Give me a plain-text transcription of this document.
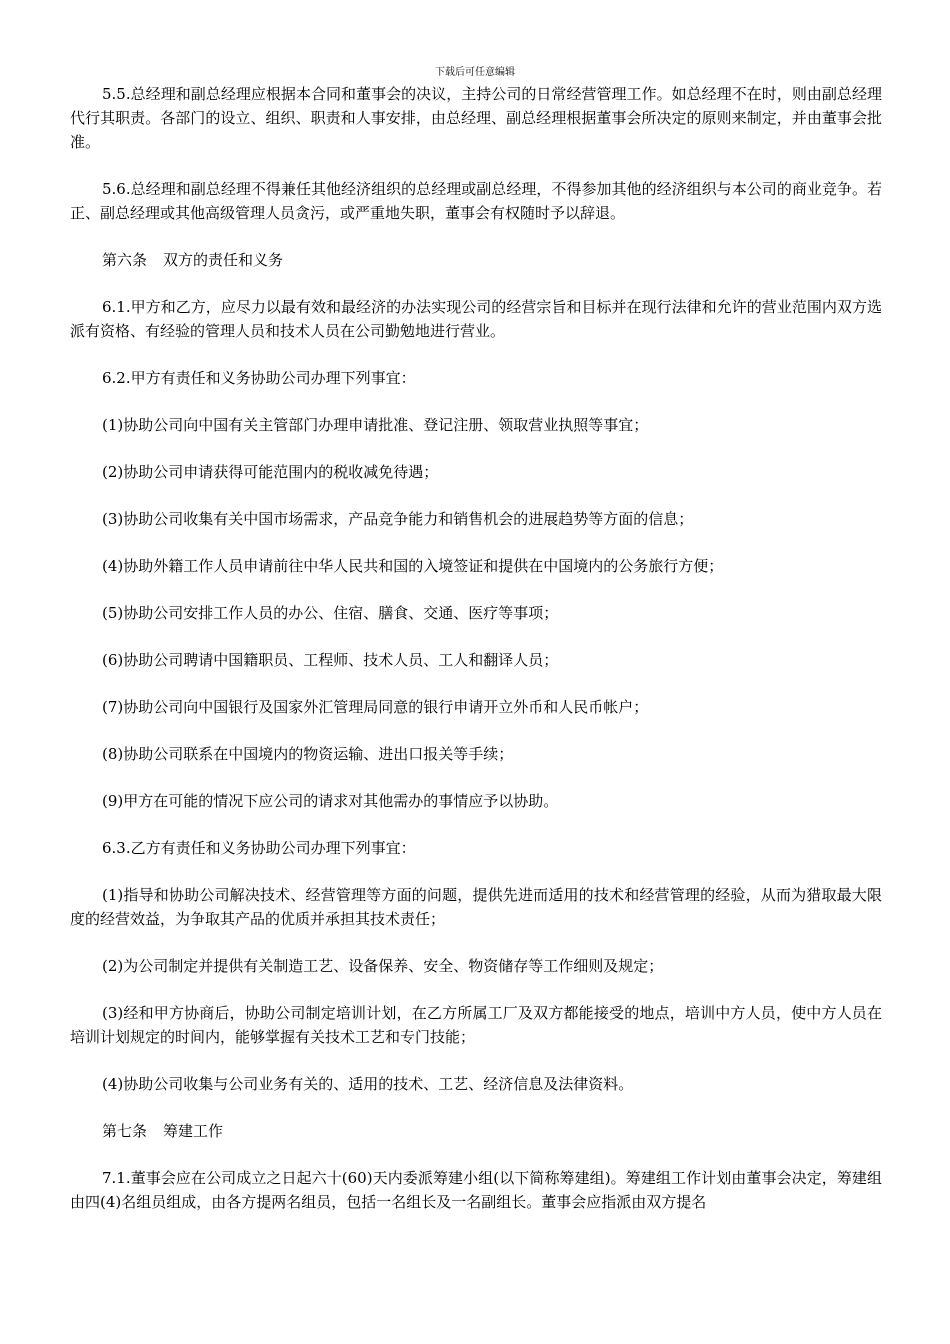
下载后可任意编辑

5.5.总经理和副总经理应根据本合同和董事会的决议，主持公司的日常经营管理工作。如总经理不在时，则由副总经理代行其职责。各部门的设立、组织、职责和人事安排，由总经理、副总经理根据董事会所决定的原则来制定，并由董事会批准。

5.6.总经理和副总经理不得兼任其他经济组织的总经理或副总经理，不得参加其他的经济组织与本公司的商业竞争。若正、副总经理或其他高级管理人员贪污，或严重地失职，董事会有权随时予以辞退。

第六条 双方的责任和义务

6.1.甲方和乙方，应尽力以最有效和最经济的办法实现公司的经营宗旨和目标并在现行法律和允许的营业范围内双方选派有资格、有经验的管理人员和技术人员在公司勤勉地进行营业。

6.2.甲方有责任和义务协助公司办理下列事宜：

(1)协助公司向中国有关主管部门办理申请批准、登记注册、领取营业执照等事宜；

(2)协助公司申请获得可能范围内的税收减免待遇；

(3)协助公司收集有关中国市场需求，产品竞争能力和销售机会的进展趋势等方面的信息；

(4)协助外籍工作人员申请前往中华人民共和国的入境签证和提供在中国境内的公务旅行方便；

(5)协助公司安排工作人员的办公、住宿、膳食、交通、医疗等事项；

(6)协助公司聘请中国籍职员、工程师、技术人员、工人和翻译人员；

(7)协助公司向中国银行及国家外汇管理局同意的银行申请开立外币和人民币帐户；

(8)协助公司联系在中国境内的物资运输、进出口报关等手续；

(9)甲方在可能的情况下应公司的请求对其他需办的事情应予以协助。

6.3.乙方有责任和义务协助公司办理下列事宜：

(1)指导和协助公司解决技术、经营管理等方面的问题，提供先进而适用的技术和经营管理的经验，从而为猎取最大限度的经营效益，为争取其产品的优质并承担其技术责任；

(2)为公司制定并提供有关制造工艺、设备保养、安全、物资储存等工作细则及规定；

(3)经和甲方协商后，协助公司制定培训计划，在乙方所属工厂及双方都能接受的地点，培训中方人员，使中方人员在培训计划规定的时间内，能够掌握有关技术工艺和专门技能；

(4)协助公司收集与公司业务有关的、适用的技术、工艺、经济信息及法律资料。

第七条 筹建工作

7.1.董事会应在公司成立之日起六十(60)天内委派筹建小组(以下简称筹建组)。筹建组工作计划由董事会决定，筹建组由四(4)名组员组成，由各方提两名组员，包括一名组长及一名副组长。董事会应指派由双方提名
